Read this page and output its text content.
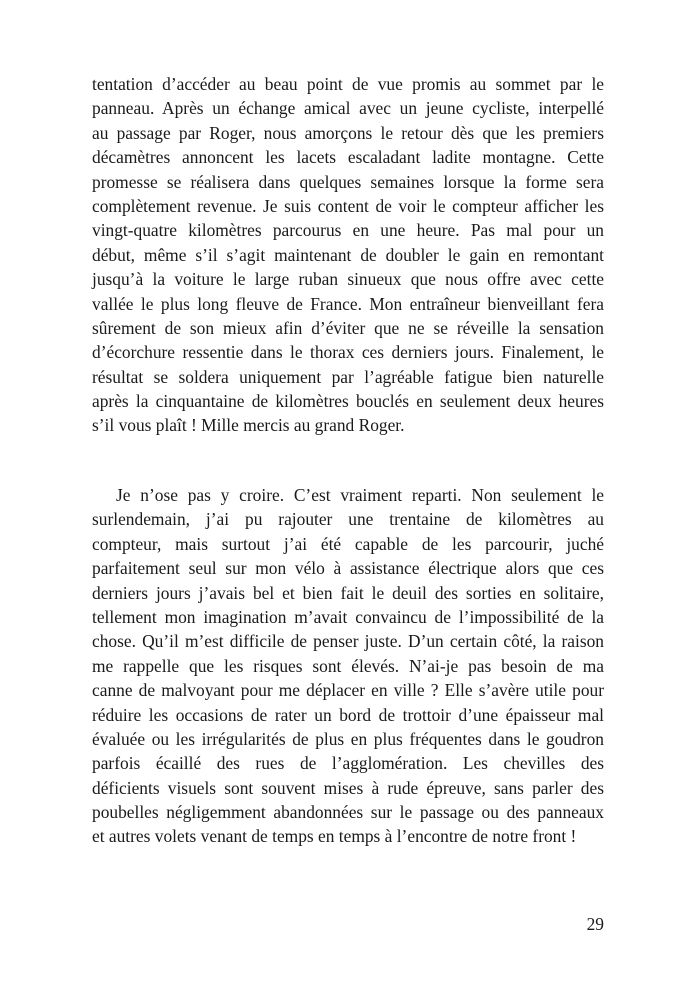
tentation d’accéder au beau point de vue promis au sommet par le
panneau. Après un échange amical avec un jeune cycliste, interpellé
au passage par Roger, nous amorçons le retour dès que les premiers
décamètres annoncent les lacets escaladant ladite montagne. Cette
promesse se réalisera dans quelques semaines lorsque la forme sera
complètement revenue. Je suis content de voir le compteur afficher les
vingt-quatre kilomètres parcourus en une heure. Pas mal pour un
début, même s’il s’agit maintenant de doubler le gain en remontant
jusqu’à la voiture le large ruban sinueux que nous offre avec cette
vallée le plus long fleuve de France. Mon entraîneur bienveillant fera
sûrement de son mieux afin d’éviter que ne se réveille la sensation
d’écorchure ressentie dans le thorax ces derniers jours. Finalement, le
résultat se soldera uniquement par l’agréable fatigue bien naturelle
après la cinquantaine de kilomètres bouclés en seulement deux heures
s’il vous plaît ! Mille mercis au grand Roger.
Je n’ose pas y croire. C’est vraiment reparti. Non seulement le
surlendemain, j’ai pu rajouter une trentaine de kilomètres au
compteur, mais surtout j’ai été capable de les parcourir, juché
parfaitement seul sur mon vélo à assistance électrique alors que ces
derniers jours j’avais bel et bien fait le deuil des sorties en solitaire,
tellement mon imagination m’avait convaincu de l’impossibilité de la
chose. Qu’il m’est difficile de penser juste. D’un certain côté, la raison
me rappelle que les risques sont élevés. N’ai-je pas besoin de ma
canne de malvoyant pour me déplacer en ville ? Elle s’avère utile pour
réduire les occasions de rater un bord de trottoir d’une épaisseur mal
évaluée ou les irrégularités de plus en plus fréquentes dans le goudron
parfois écaillé des rues de l’agglomération. Les chevilles des
déficients visuels sont souvent mises à rude épreuve, sans parler des
poubelles négligemment abandonnées sur le passage ou des panneaux
et autres volets venant de temps en temps à l’encontre de notre front !
29
